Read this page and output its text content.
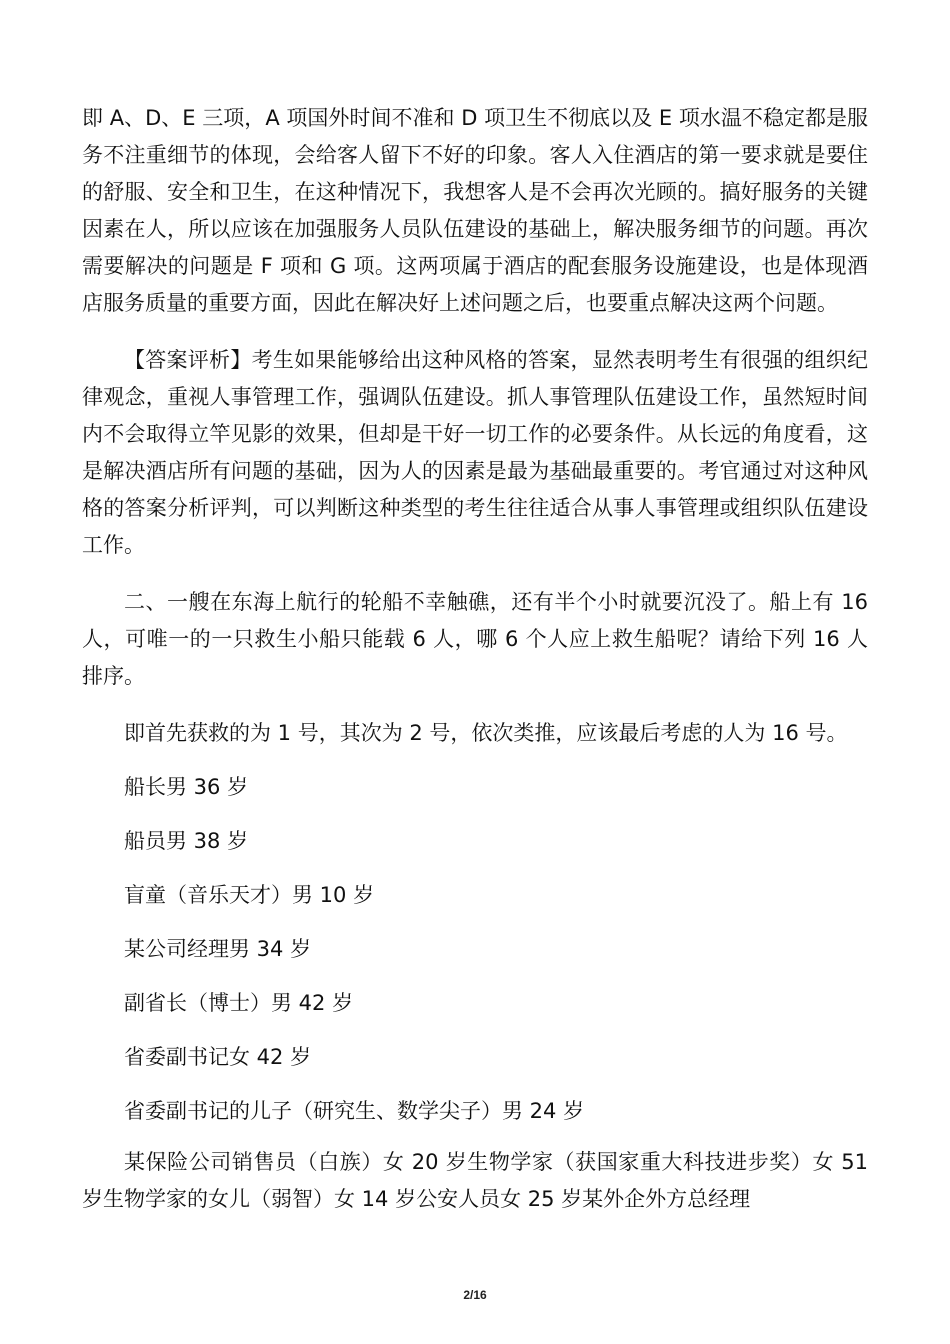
即 A、D、E 三项，A 项国外时间不准和 D 项卫生不彻底以及 E 项水温不稳定都是服务不注重细节的体现，会给客人留下不好的印象。客人入住酒店的第一要求就是要住的舒服、安全和卫生，在这种情况下，我想客人是不会再次光顾的。搞好服务的关键因素在人，所以应该在加强服务人员队伍建设的基础上，解决服务细节的问题。再次需要解决的问题是 F 项和 G 项。这两项属于酒店的配套服务设施建设，也是体现酒店服务质量的重要方面，因此在解决好上述问题之后，也要重点解决这两个问题。

【答案评析】考生如果能够给出这种风格的答案，显然表明考生有很强的组织纪律观念，重视人事管理工作，强调队伍建设。抓人事管理队伍建设工作，虽然短时间内不会取得立竿见影的效果，但却是干好一切工作的必要条件。从长远的角度看，这是解决酒店所有问题的基础，因为人的因素是最为基础最重要的。考官通过对这种风格的答案分析评判，可以判断这种类型的考生往往适合从事人事管理或组织队伍建设工作。

二、一艘在东海上航行的轮船不幸触礁，还有半个小时就要沉没了。船上有 16 人，可唯一的一只救生小船只能载 6 人，哪 6 个人应上救生船呢？请给下列 16 人排序。

即首先获救的为 1 号，其次为 2 号，依次类推，应该最后考虑的人为 16 号。

船长男 36 岁

船员男 38 岁

盲童（音乐天才）男 10 岁

某公司经理男 34 岁

副省长（博士）男 42 岁

省委副书记女 42 岁

省委副书记的儿子（研究生、数学尖子）男 24 岁

某保险公司销售员（白族）女 20 岁生物学家（获国家重大科技进步奖）女 51 岁生物学家的女儿（弱智）女 14 岁公安人员女 25 岁某外企外方总经理

2/16
